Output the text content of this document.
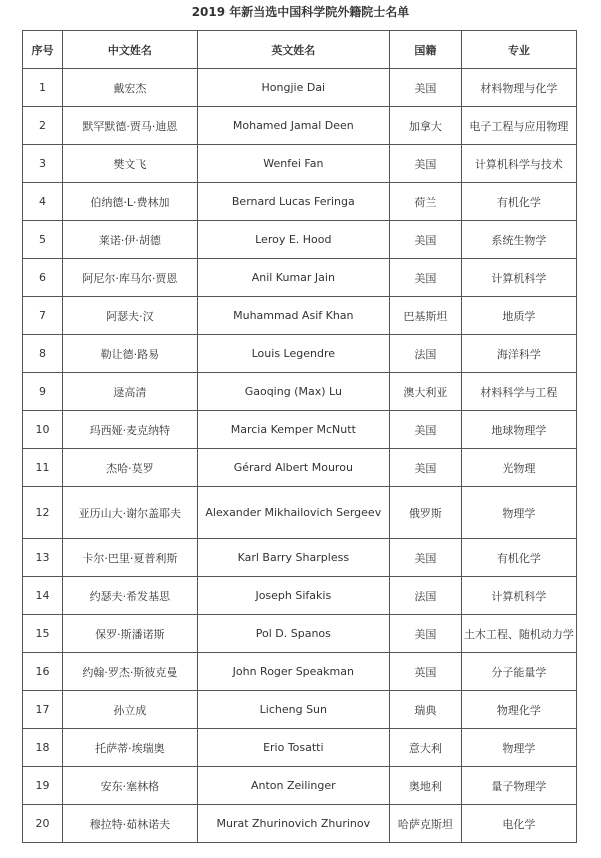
2019 年新当选中国科学院外籍院士名单
序号	中文姓名	英文姓名	国籍	专业
1	戴宏杰	Hongjie Dai	美国	材料物理与化学
2	默罕默德·贾马·迪恩	Mohamed Jamal Deen	加拿大	电子工程与应用物理
3	樊文飞	Wenfei Fan	美国	计算机科学与技术
4	伯纳德·L·费林加	Bernard Lucas Feringa	荷兰	有机化学
5	莱诺·伊·胡德	Leroy E. Hood	美国	系统生物学
6	阿尼尔·库马尔·贾恩	Anil Kumar Jain	美国	计算机科学
7	阿瑟夫·汉	Muhammad Asif Khan	巴基斯坦	地质学
8	勒让德·路易	Louis Legendre	法国	海洋科学
9	逯高清	Gaoqing (Max) Lu	澳大利亚	材料科学与工程
10	玛西娅·麦克纳特	Marcia Kemper McNutt	美国	地球物理学
11	杰哈·莫罗	Gérard Albert Mourou	美国	光物理
12	亚历山大·谢尔盖耶夫	Alexander Mikhailovich Sergeev	俄罗斯	物理学
13	卡尔·巴里·夏普利斯	Karl Barry Sharpless	美国	有机化学
14	约瑟夫·希发基思	Joseph Sifakis	法国	计算机科学
15	保罗·斯潘诺斯	Pol D. Spanos	美国	土木工程、随机动力学
16	约翰·罗杰·斯彼克曼	John Roger Speakman	英国	分子能量学
17	孙立成	Licheng Sun	瑞典	物理化学
18	托萨蒂·埃瑞奥	Erio Tosatti	意大利	物理学
19	安东·塞林格	Anton Zeilinger	奥地利	量子物理学
20	穆拉特·茹林诺夫	Murat Zhurinovich Zhurinov	哈萨克斯坦	电化学
